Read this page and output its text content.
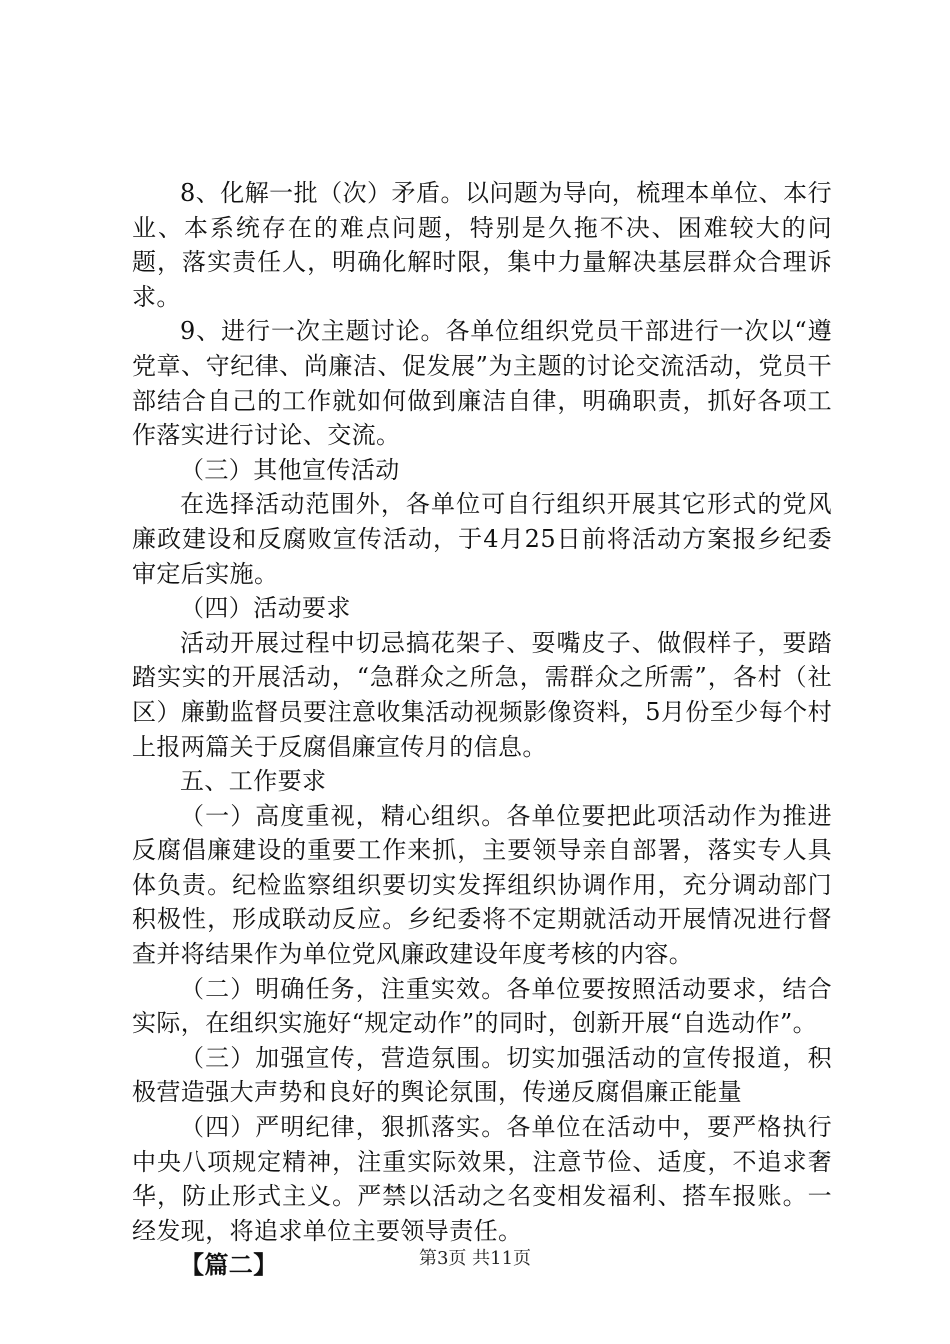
8、化解一批（次）矛盾。以问题为导向，梳理本单位、本行业、本系统存在的难点问题，特别是久拖不决、困难较大的问题，落实责任人，明确化解时限，集中力量解决基层群众合理诉求。

9、进行一次主题讨论。各单位组织党员干部进行一次以“遵党章、守纪律、尚廉洁、促发展”为主题的讨论交流活动，党员干部结合自己的工作就如何做到廉洁自律，明确职责，抓好各项工作落实进行讨论、交流。

（三）其他宣传活动

在选择活动范围外，各单位可自行组织开展其它形式的党风廉政建设和反腐败宣传活动，于4月25日前将活动方案报乡纪委审定后实施。

（四）活动要求

活动开展过程中切忌搞花架子、耍嘴皮子、做假样子，要踏踏实实的开展活动，“急群众之所急，需群众之所需”，各村（社区）廉勤监督员要注意收集活动视频影像资料，5月份至少每个村上报两篇关于反腐倡廉宣传月的信息。

五、工作要求

（一）高度重视，精心组织。各单位要把此项活动作为推进反腐倡廉建设的重要工作来抓，主要领导亲自部署，落实专人具体负责。纪检监察组织要切实发挥组织协调作用，充分调动部门积极性，形成联动反应。乡纪委将不定期就活动开展情况进行督查并将结果作为单位党风廉政建设年度考核的内容。

（二）明确任务，注重实效。各单位要按照活动要求，结合实际，在组织实施好“规定动作”的同时，创新开展“自选动作”。

（三）加强宣传，营造氛围。切实加强活动的宣传报道，积极营造强大声势和良好的舆论氛围，传递反腐倡廉正能量

（四）严明纪律，狠抓落实。各单位在活动中，要严格执行中央八项规定精神，注重实际效果，注意节俭、适度，不追求奢华，防止形式主义。严禁以活动之名变相发福利、搭车报账。一经发现，将追求单位主要领导责任。

【篇二】	第3页 共11页
